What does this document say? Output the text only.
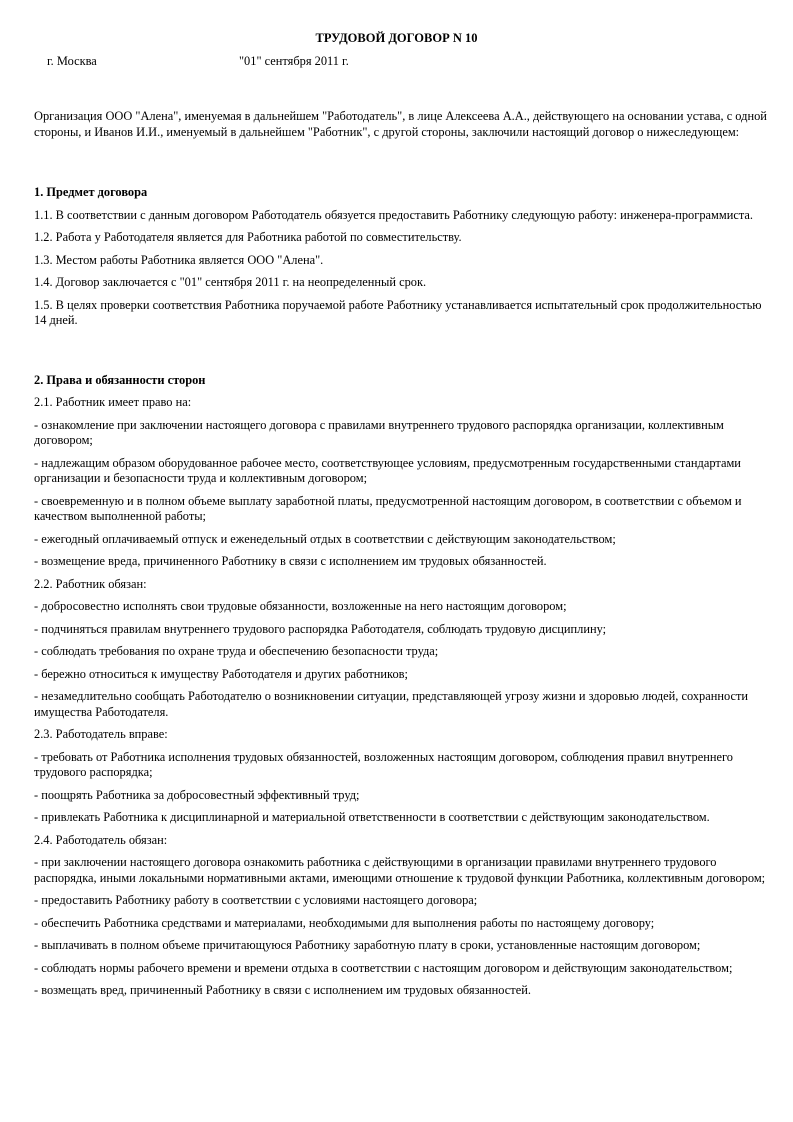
ТРУДОВОЙ ДОГОВОР N 10
г. Москва	"01" сентября 2011 г.

Организация ООО "Алена", именуемая в дальнейшем "Работодатель", в лице Алексеева А.А., действующего на основании устава, с одной стороны, и Иванов И.И., именуемый в дальнейшем "Работник", с другой стороны, заключили настоящий договор о нижеследующем:

1. Предмет договора

1.1. В соответствии с данным договором Работодатель обязуется предоставить Работнику следующую работу: инженера-программиста.

1.2. Работа у Работодателя является для Работника работой по совместительству.

1.3. Местом работы Работника является ООО "Алена".

1.4. Договор заключается с "01" сентября 2011 г. на неопределенный срок.

1.5. В целях проверки соответствия Работника поручаемой работе Работнику устанавливается испытательный срок продолжительностью 14 дней.

2. Права и обязанности сторон

2.1. Работник имеет право на:

- ознакомление при заключении настоящего договора с правилами внутреннего трудового распорядка организации, коллективным договором;

- надлежащим образом оборудованное рабочее место, соответствующее условиям, предусмотренным государственными стандартами организации и безопасности труда и коллективным договором;

- своевременную и в полном объеме выплату заработной платы, предусмотренной настоящим договором, в соответствии с объемом и качеством выполненной работы;

- ежегодный оплачиваемый отпуск и еженедельный отдых в соответствии с действующим законодательством;

- возмещение вреда, причиненного Работнику в связи с исполнением им трудовых обязанностей.

2.2. Работник обязан:

- добросовестно исполнять свои трудовые обязанности, возложенные на него настоящим договором;

- подчиняться правилам внутреннего трудового распорядка Работодателя, соблюдать трудовую дисциплину;

- соблюдать требования по охране труда и обеспечению безопасности труда;

- бережно относиться к имуществу Работодателя и других работников;

- незамедлительно сообщать Работодателю о возникновении ситуации, представляющей угрозу жизни и здоровью людей, сохранности имущества Работодателя.

2.3. Работодатель вправе:

- требовать от Работника исполнения трудовых обязанностей, возложенных настоящим договором, соблюдения правил внутреннего трудового распорядка;

- поощрять Работника за добросовестный эффективный труд;

- привлекать Работника к дисциплинарной и материальной ответственности в соответствии с действующим законодательством.

2.4. Работодатель обязан:

- при заключении настоящего договора ознакомить работника с действующими в организации правилами внутреннего трудового распорядка, иными локальными нормативными актами, имеющими отношение к трудовой функции Работника, коллективным договором;

- предоставить Работнику работу в соответствии с условиями настоящего договора;

- обеспечить Работника средствами и материалами, необходимыми для выполнения работы по настоящему договору;

- выплачивать в полном объеме причитающуюся Работнику заработную плату в сроки, установленные настоящим договором;

- соблюдать нормы рабочего времени и времени отдыха в соответствии с настоящим договором и действующим законодательством;

- возмещать вред, причиненный Работнику в связи с исполнением им трудовых обязанностей.
